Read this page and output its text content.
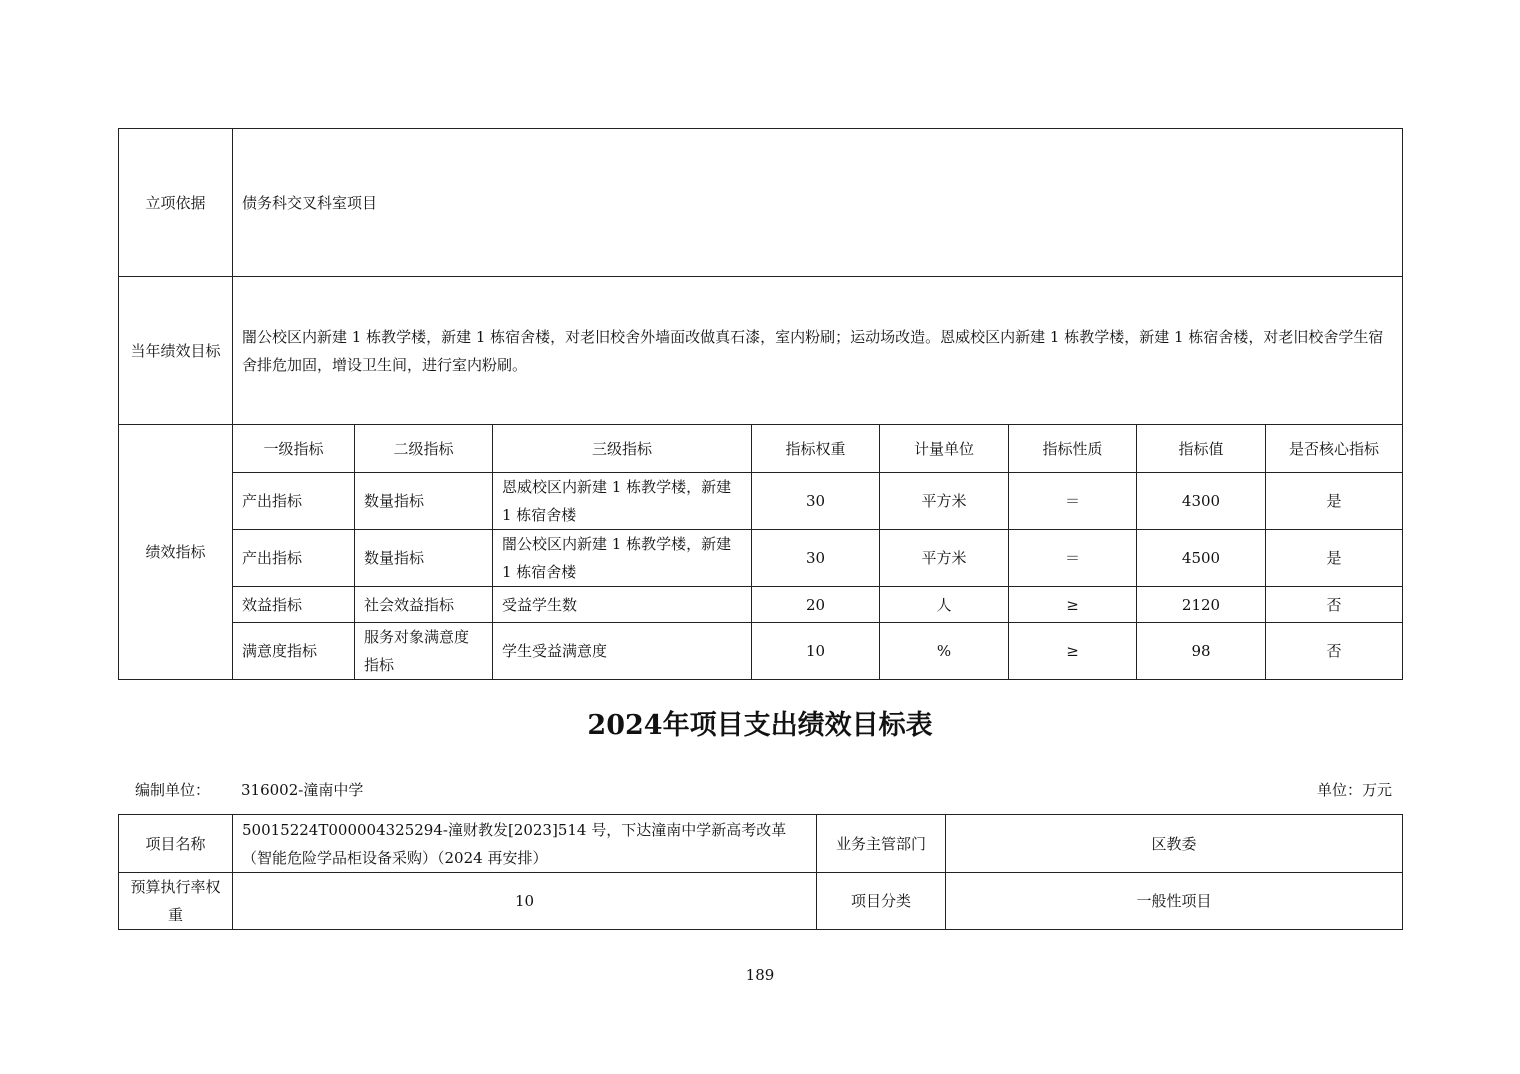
立项依据	债务科交叉科室项目							
当年绩效目标	闇公校区内新建 1 栋教学楼，新建 1 栋宿舍楼，对老旧校舍外墙面改做真石漆，室内粉刷；运动场改造。恩威校区内新建 1 栋教学楼，新建 1 栋宿舍楼，对老旧校舍学生宿舍排危加固，增设卫生间，进行室内粉刷。							
绩效指标	一级指标	二级指标	三级指标	指标权重	计量单位	指标性质	指标值	是否核心指标
	产出指标	数量指标	恩威校区内新建 1 栋教学楼，新建 1 栋宿舍楼	30	平方米	＝	4300	是
	产出指标	数量指标	闇公校区内新建 1 栋教学楼，新建 1 栋宿舍楼	30	平方米	＝	4500	是
	效益指标	社会效益指标	受益学生数	20	人	≥	2120	否
	满意度指标	服务对象满意度指标	学生受益满意度	10	%	≥	98	否
2024年项目支出绩效目标表
编制单位： 316002-潼南中学	单位：万元
项目名称	50015224T000004325294-潼财教发[2023]514 号，下达潼南中学新高考改革（智能危险学品柜设备采购）（2024 再安排）	业务主管部门	区教委
预算执行率权重	10	项目分类	一般性项目
189
